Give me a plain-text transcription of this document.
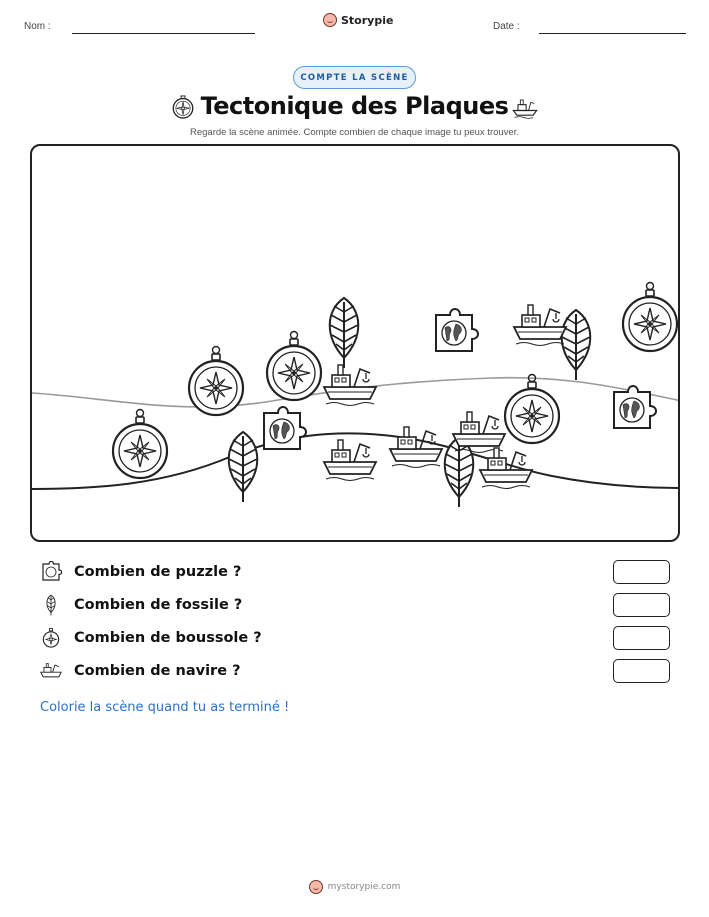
Nom :	Storypie	Date :
COMPTE LA SCÈNE
Tectonique des Plaques
Regarde la scène animée. Compte combien de chaque image tu peux trouver.
Combien de puzzle ?
Combien de fossile ?
Combien de boussole ?
Combien de navire ?
Colorie la scène quand tu as terminé !
mystorypie.com
